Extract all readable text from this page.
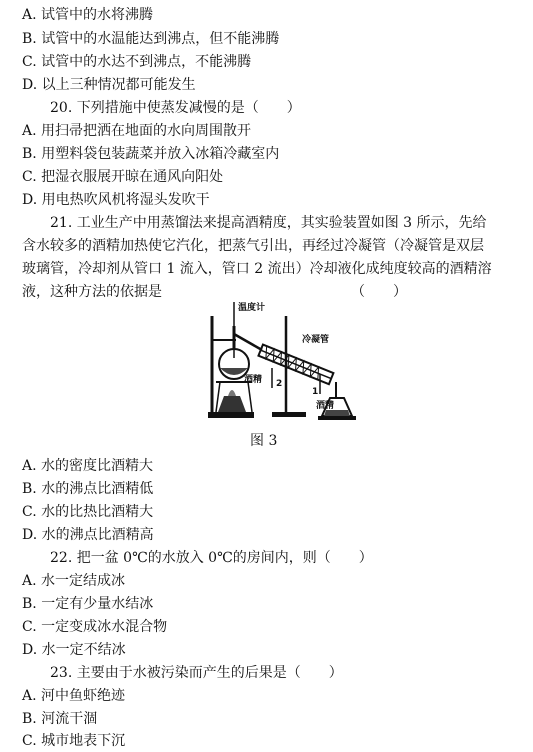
A. 试管中的水将沸腾
B. 试管中的水温能达到沸点，但不能沸腾
C. 试管中的水达不到沸点，不能沸腾
D. 以上三种情况都可能发生
20. 下列措施中使蒸发减慢的是（　　）
A. 用扫帚把洒在地面的水向周围散开
B. 用塑料袋包装蔬菜并放入冰箱冷藏室内
C. 把湿衣服展开晾在通风向阳处
D. 用电热吹风机将湿头发吹干
21. 工业生产中用蒸馏法来提高酒精度，其实验装置如图 3 所示，先给
含水较多的酒精加热使它汽化，把蒸气引出，再经过冷凝管（冷凝管是双层
玻璃管，冷却剂从管口 1 流入，管口 2 流出）冷却液化成纯度较高的酒精溶
液，这种方法的依据是　　　　　　　　　　　　　　（　　）
温度计
冷凝管
2
1
酒精
酒精
图 3
A. 水的密度比酒精大
B. 水的沸点比酒精低
C. 水的比热比酒精大
D. 水的沸点比酒精高
22. 把一盆 0℃的水放入 0℃的房间内，则（　　）
A. 水一定结成冰
B. 一定有少量水结冰
C. 一定变成冰水混合物
D. 水一定不结冰
23. 主要由于水被污染而产生的后果是（　　）
A. 河中鱼虾绝迹
B. 河流干涸
C. 城市地表下沉
